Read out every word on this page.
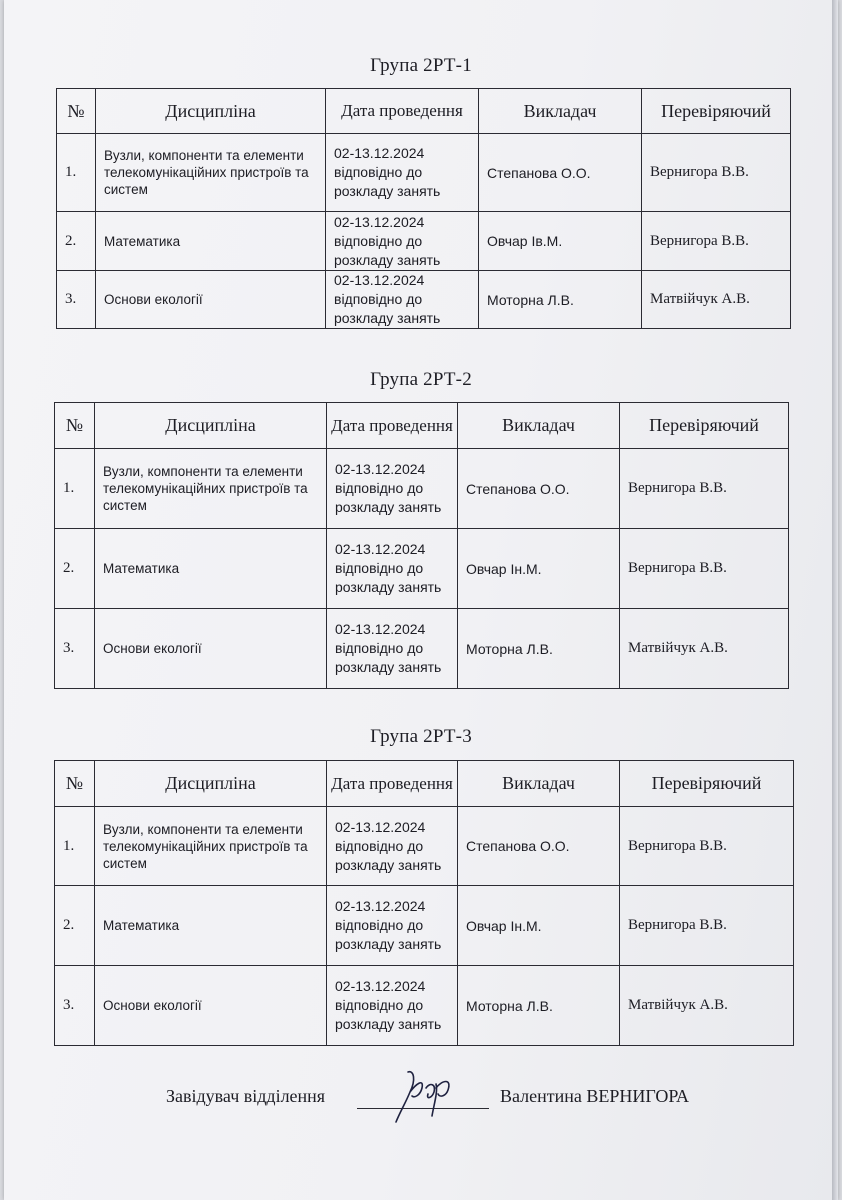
Група 2РТ-1
№	Дисципліна	Дата проведення	Викладач	Перевіряючий
1.	Вузли, компоненти та елементи телекомунікаційних пристроїв та систем	02-13.12.2024 відповідно до розкладу занять	Степанова О.О.	Вернигора В.В.
2.	Математика	02-13.12.2024 відповідно до розкладу занять	Овчар Ів.М.	Вернигора В.В.
3.	Основи екології	02-13.12.2024 відповідно до розкладу занять	Моторна Л.В.	Матвійчук А.В.
Група 2РТ-2
№	Дисципліна	Дата проведення	Викладач	Перевіряючий
1.	Вузли, компоненти та елементи телекомунікаційних пристроїв та систем	02-13.12.2024 відповідно до розкладу занять	Степанова О.О.	Вернигора В.В.
2.	Математика	02-13.12.2024 відповідно до розкладу занять	Овчар Ін.М.	Вернигора В.В.
3.	Основи екології	02-13.12.2024 відповідно до розкладу занять	Моторна Л.В.	Матвійчук А.В.
Група 2РТ-3
№	Дисципліна	Дата проведення	Викладач	Перевіряючий
1.	Вузли, компоненти та елементи телекомунікаційних пристроїв та систем	02-13.12.2024 відповідно до розкладу занять	Степанова О.О.	Вернигора В.В.
2.	Математика	02-13.12.2024 відповідно до розкладу занять	Овчар Ін.М.	Вернигора В.В.
3.	Основи екології	02-13.12.2024 відповідно до розкладу занять	Моторна Л.В.	Матвійчук А.В.
Завідувач відділення	Валентина ВЕРНИГОРА
